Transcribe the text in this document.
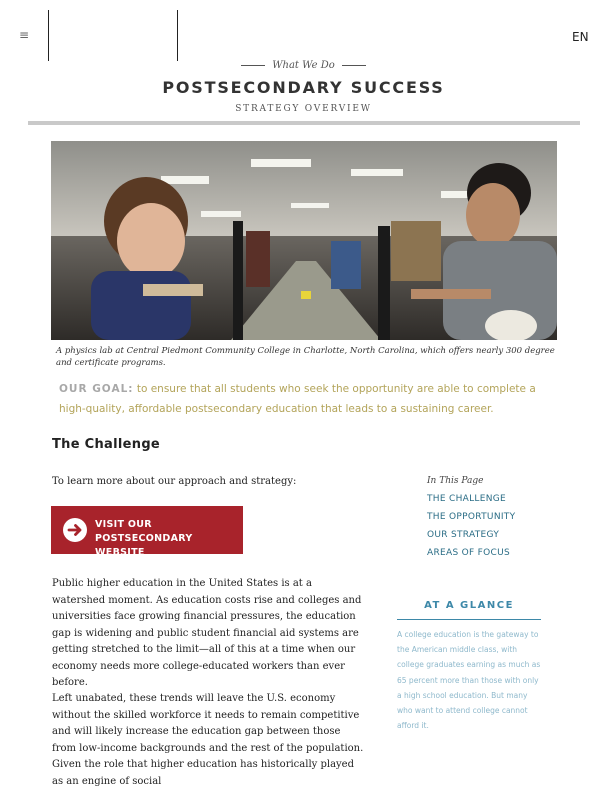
≡	EN
What We Do
POSTSECONDARY SUCCESS
STRATEGY OVERVIEW
A physics lab at Central Piedmont Community College in Charlotte, North Carolina, which offers nearly 300 degree and certificate programs.
OUR GOAL: to ensure that all students who seek the opportunity are able to complete a high-quality, affordable postsecondary education that leads to a sustaining career.
The Challenge
To learn more about our approach and strategy:
VISIT OUR
POSTSECONDARY WEBSITE
Public higher education in the United States is at a watershed moment. As education costs rise and colleges and universities face growing financial pressures, the education gap is widening and public student financial aid systems are getting stretched to the limit—all of this at a time when our economy needs more college-educated workers than ever before.
Left unabated, these trends will leave the U.S. economy without the skilled workforce it needs to remain competitive and will likely increase the education gap between those from low-income backgrounds and the rest of the population. Given the role that higher education has historically played as an engine of social
In This Page
THE CHALLENGE
THE OPPORTUNITY
OUR STRATEGY
AREAS OF FOCUS
AT A GLANCE
A college education is the gateway to the American middle class, with college graduates earning as much as 65 percent more than those with only a high school education. But many who want to attend college cannot afford it.
